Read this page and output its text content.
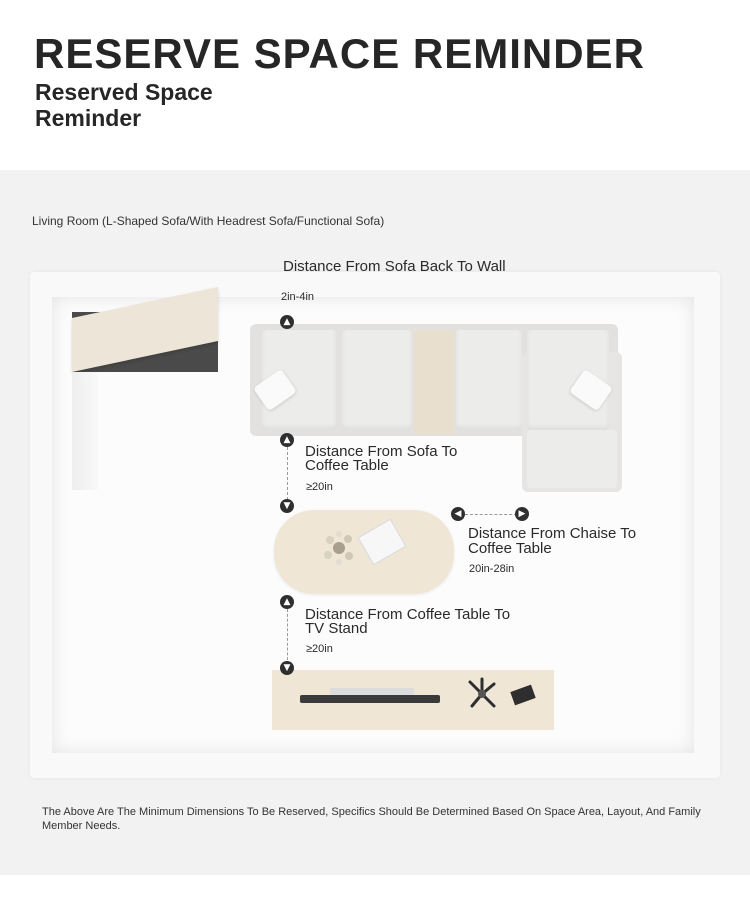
RESERVE SPACE REMINDER
Reserved Space Reminder
Living Room (L-Shaped Sofa/With Headrest Sofa/Functional Sofa)
Distance From Sofa Back To Wall
2in-4in
▲
▲
▼
Distance From Sofa To
Coffee Table
≥20in
◀	▶
Distance From Chaise To
Coffee Table
20in-28in
▲
▼
Distance From Coffee Table To
TV Stand
≥20in
The Above Are The Minimum Dimensions To Be Reserved, Specifics Should Be Determined Based On Space Area, Layout, And Family Member Needs.
